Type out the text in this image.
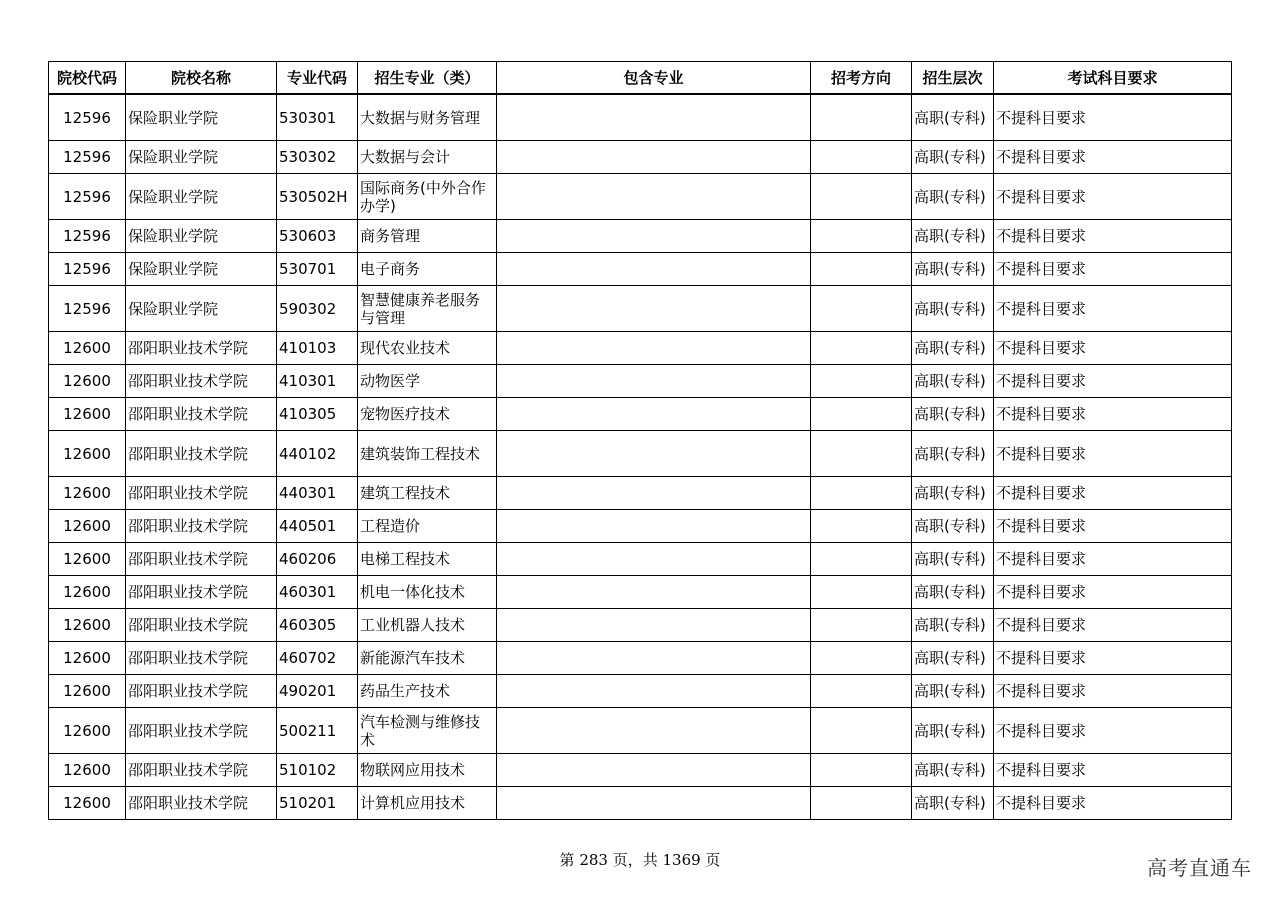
院校代码	院校名称	专业代码	招生专业（类）	包含专业	招考方向	招生层次	考试科目要求
12596	保险职业学院	530301	大数据与财务管理			高职(专科)	不提科目要求
12596	保险职业学院	530302	大数据与会计			高职(专科)	不提科目要求
12596	保险职业学院	530502H	国际商务(中外合作办学)			高职(专科)	不提科目要求
12596	保险职业学院	530603	商务管理			高职(专科)	不提科目要求
12596	保险职业学院	530701	电子商务			高职(专科)	不提科目要求
12596	保险职业学院	590302	智慧健康养老服务与管理			高职(专科)	不提科目要求
12600	邵阳职业技术学院	410103	现代农业技术			高职(专科)	不提科目要求
12600	邵阳职业技术学院	410301	动物医学			高职(专科)	不提科目要求
12600	邵阳职业技术学院	410305	宠物医疗技术			高职(专科)	不提科目要求
12600	邵阳职业技术学院	440102	建筑装饰工程技术			高职(专科)	不提科目要求
12600	邵阳职业技术学院	440301	建筑工程技术			高职(专科)	不提科目要求
12600	邵阳职业技术学院	440501	工程造价			高职(专科)	不提科目要求
12600	邵阳职业技术学院	460206	电梯工程技术			高职(专科)	不提科目要求
12600	邵阳职业技术学院	460301	机电一体化技术			高职(专科)	不提科目要求
12600	邵阳职业技术学院	460305	工业机器人技术			高职(专科)	不提科目要求
12600	邵阳职业技术学院	460702	新能源汽车技术			高职(专科)	不提科目要求
12600	邵阳职业技术学院	490201	药品生产技术			高职(专科)	不提科目要求
12600	邵阳职业技术学院	500211	汽车检测与维修技术			高职(专科)	不提科目要求
12600	邵阳职业技术学院	510102	物联网应用技术			高职(专科)	不提科目要求
12600	邵阳职业技术学院	510201	计算机应用技术			高职(专科)	不提科目要求
第 283 页，共 1369 页	高考直通车
